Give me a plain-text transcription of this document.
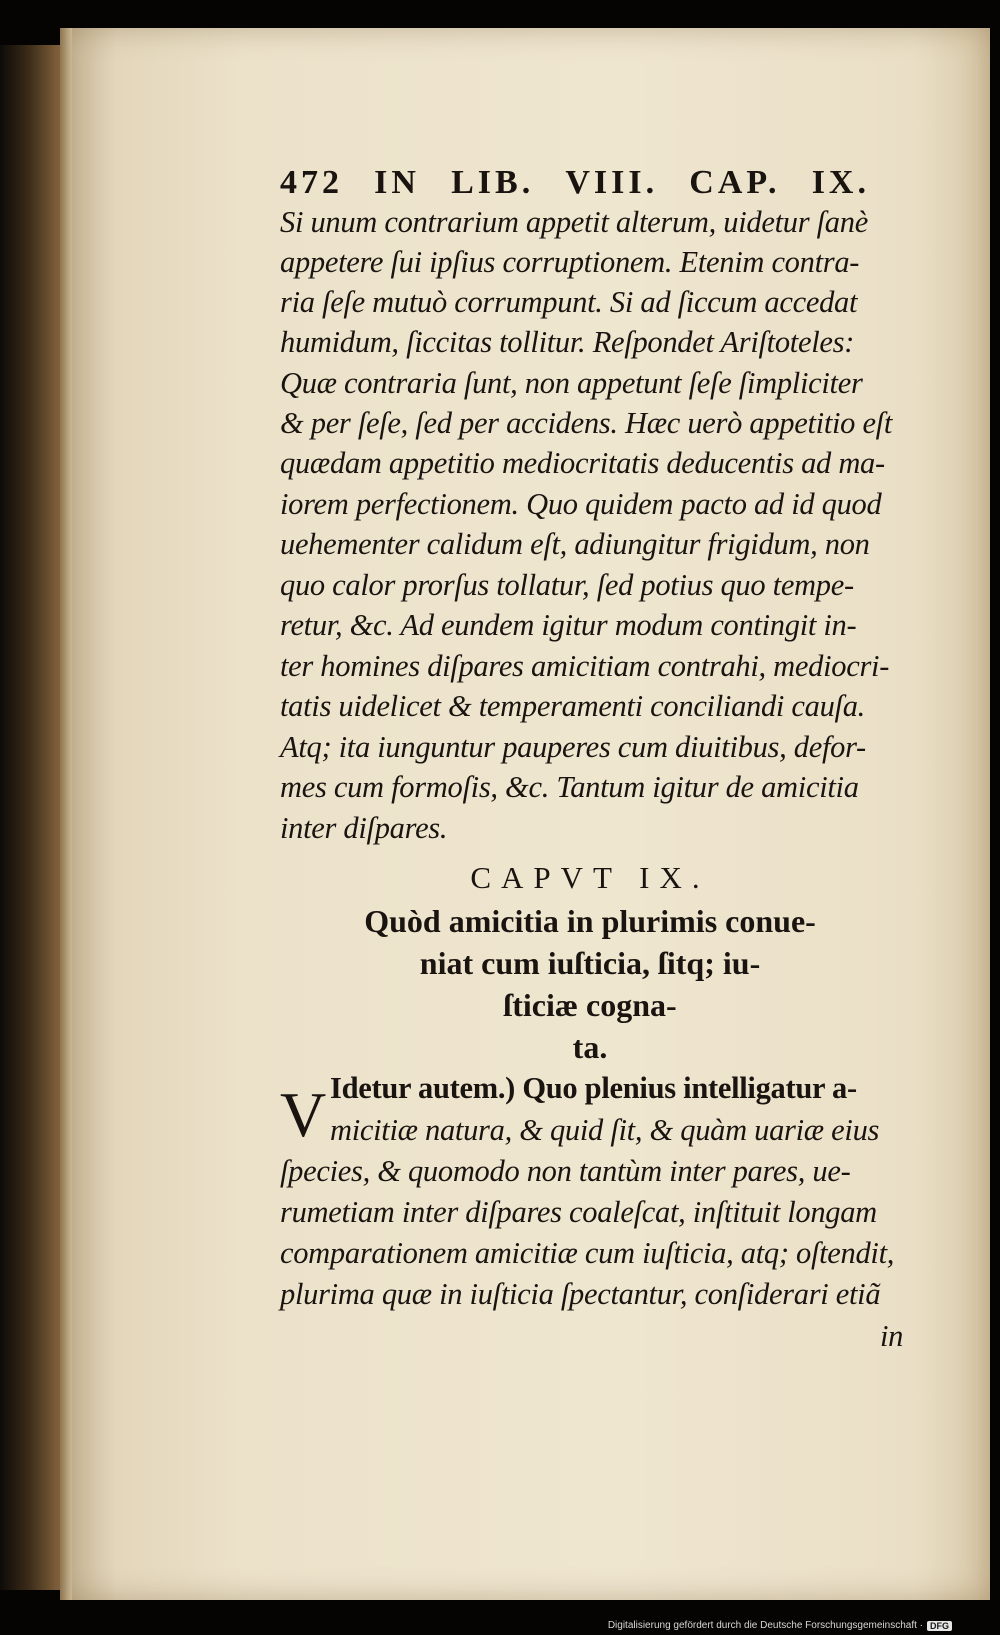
472 IN LIB. VIII. CAP. IX.
Si unum contrarium appetit alterum, uidetur ſanè
appetere ſui ipſius corruptionem. Etenim contra-
ria ſeſe mutuò corrumpunt. Si ad ſiccum accedat
humidum, ſiccitas tollitur. Reſpondet Ariſtoteles:
Quæ contraria ſunt, non appetunt ſeſe ſimpliciter
& per ſeſe, ſed per accidens. Hæc uerò appetitio eſt
quædam appetitio mediocritatis deducentis ad ma-
iorem perfectionem. Quo quidem pacto ad id quod
uehementer calidum eſt, adiungitur frigidum, non
quo calor prorſus tollatur, ſed potius quo tempe-
retur, &c. Ad eundem igitur modum contingit in-
ter homines diſpares amicitiam contrahi, mediocri-
tatis uidelicet & temperamenti conciliandi cauſa.
Atq; ita iunguntur pauperes cum diuitibus, defor-
mes cum formoſis, &c. Tantum igitur de amicitia
inter diſpares.
CAPVT IX.
Quòd amicitia in plurimis conue-
niat cum iuſticia, ſitq; iu-
ſticiæ cogna-
ta.
V Idetur autem.) Quo plenius intelligatur a-
micitiæ natura, & quid ſit, & quàm uariæ eius
ſpecies, & quomodo non tantùm inter pares, ue-
rumetiam inter diſpares coaleſcat, inſtituit longam
comparationem amicitiæ cum iuſticia, atq; oſtendit,
plurima quæ in iuſticia ſpectantur, conſiderari etiã
in
Digitalisierung gefördert durch die Deutsche Forschungsgemeinschaft · DFG
